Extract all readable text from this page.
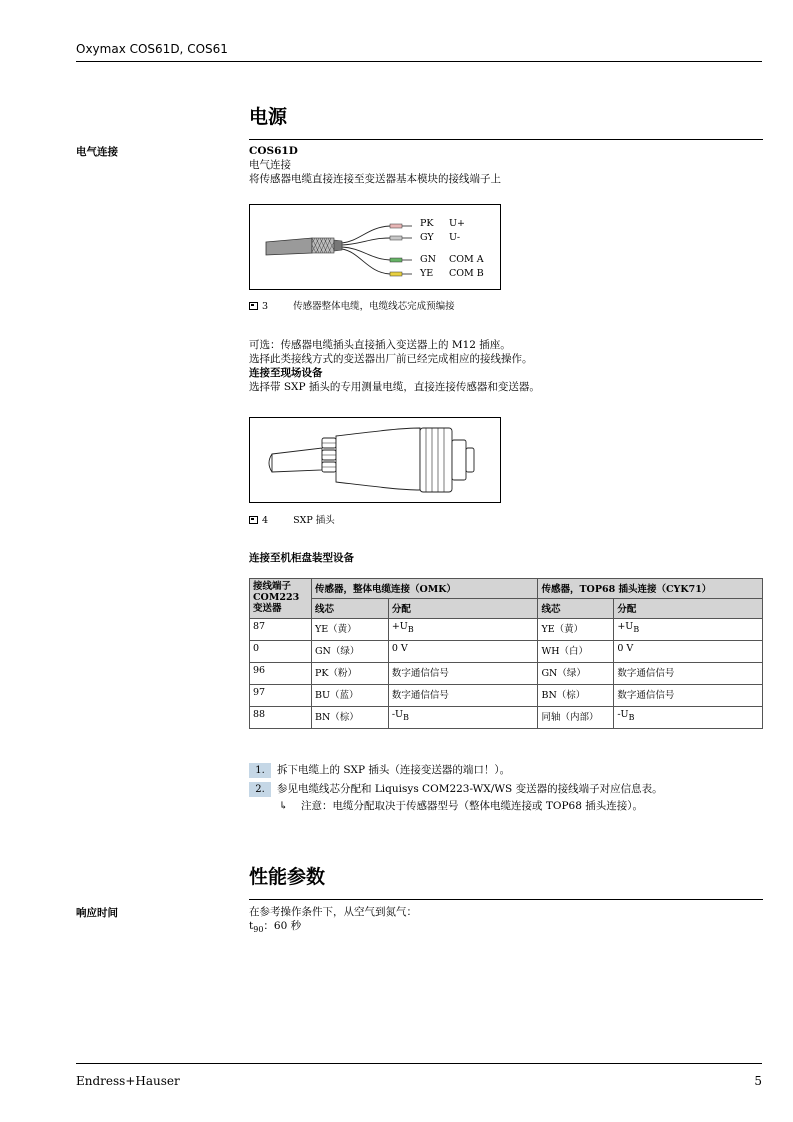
Oxymax COS61D, COS61
电源
电气连接	COS61D
电气连接
将传感器电缆直接连接至变送器基本模块的接线端子上
PK
GY
GN
YE
U+
U-
COM A
COM B
3	传感器整体电缆，电缆线芯完成预编接
可选：传感器电缆插头直接插入变送器上的 M12 插座。
选择此类接线方式的变送器出厂前已经完成相应的接线操作。
连接至现场设备
选择带 SXP 插头的专用测量电缆，直接连接传感器和变送器。
4	SXP 插头
连接至机柜盘装型设备
接线端子
COM223
变送器	传感器，整体电缆连接（OMK）		传感器，TOP68 插头连接（CYK71）	
	线芯	分配	线芯	分配
87	YE（黄）	$+U_B$	YE（黄）	$+U_B$
0	GN（绿）	0 V	WH（白）	0 V
96	PK（粉）	数字通信信号	GN（绿）	数字通信信号
97	BU（蓝）	数字通信信号	BN（棕）	数字通信信号
88	BN（棕）	$-U_B$	同轴（内部）	$-U_B$
1. 拆下电缆上的 SXP 插头（连接变送器的端口！）。
2. 参见电缆线芯分配和 Liquisys COM223-WX/WS 变送器的接线端子对应信息表。
↳ 注意：电缆分配取决于传感器型号（整体电缆连接或 TOP68 插头连接）。
性能参数
响应时间	在参考操作条件下，从空气到氮气：
$t_{90}$：60 秒
Endress+Hauser	5
